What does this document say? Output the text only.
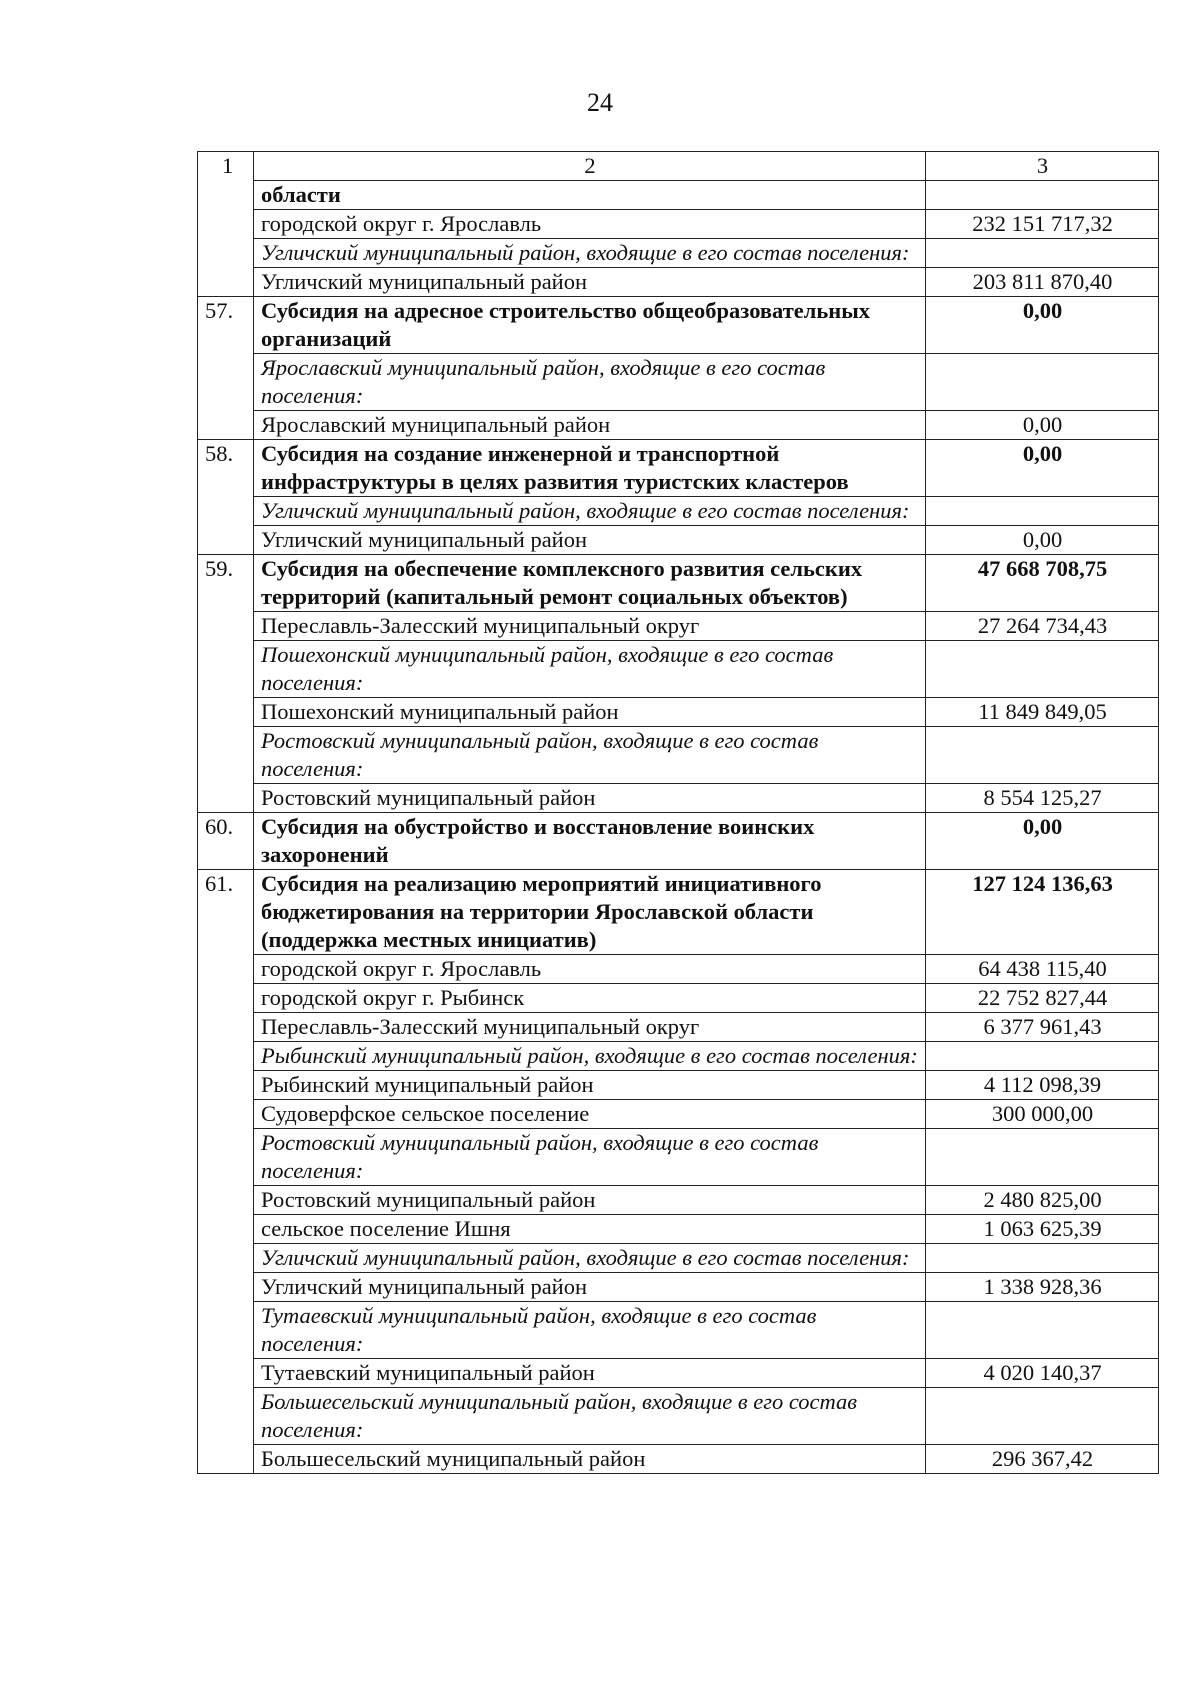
24
1	2	3
	области	
	городской округ г. Ярославль	232 151 717,32
	Угличский муниципальный район, входящие в его состав поселения:	
	Угличский муниципальный район	203 811 870,40
57.	Субсидия на адресное строительство общеобразовательных организаций	0,00
	Ярославский муниципальный район, входящие в его состав поселения:	
	Ярославский муниципальный район	0,00
58.	Субсидия на создание инженерной и транспортной инфраструктуры в целях развития туристских кластеров	0,00
	Угличский муниципальный район, входящие в его состав поселения:	
	Угличский муниципальный район	0,00
59.	Субсидия на обеспечение комплексного развития сельских территорий (капитальный ремонт социальных объектов)	47 668 708,75
	Переславль-Залесский муниципальный округ	27 264 734,43
	Пошехонский муниципальный район, входящие в его состав поселения:	
	Пошехонский муниципальный район	11 849 849,05
	Ростовский муниципальный район, входящие в его состав поселения:	
	Ростовский муниципальный район	8 554 125,27
60.	Субсидия на обустройство и восстановление воинских захоронений	0,00
61.	Субсидия на реализацию мероприятий инициативного бюджетирования на территории Ярославской области (поддержка местных инициатив)	127 124 136,63
	городской округ г. Ярославль	64 438 115,40
	городской округ г. Рыбинск	22 752 827,44
	Переславль-Залесский муниципальный округ	6 377 961,43
	Рыбинский муниципальный район, входящие в его состав поселения:	
	Рыбинский муниципальный район	4 112 098,39
	Судоверфское сельское поселение	300 000,00
	Ростовский муниципальный район, входящие в его состав поселения:	
	Ростовский муниципальный район	2 480 825,00
	сельское поселение Ишня	1 063 625,39
	Угличский муниципальный район, входящие в его состав поселения:	
	Угличский муниципальный район	1 338 928,36
	Тутаевский муниципальный район, входящие в его состав поселения:	
	Тутаевский муниципальный район	4 020 140,37
	Большесельский муниципальный район, входящие в его состав поселения:	
	Большесельский муниципальный район	296 367,42
